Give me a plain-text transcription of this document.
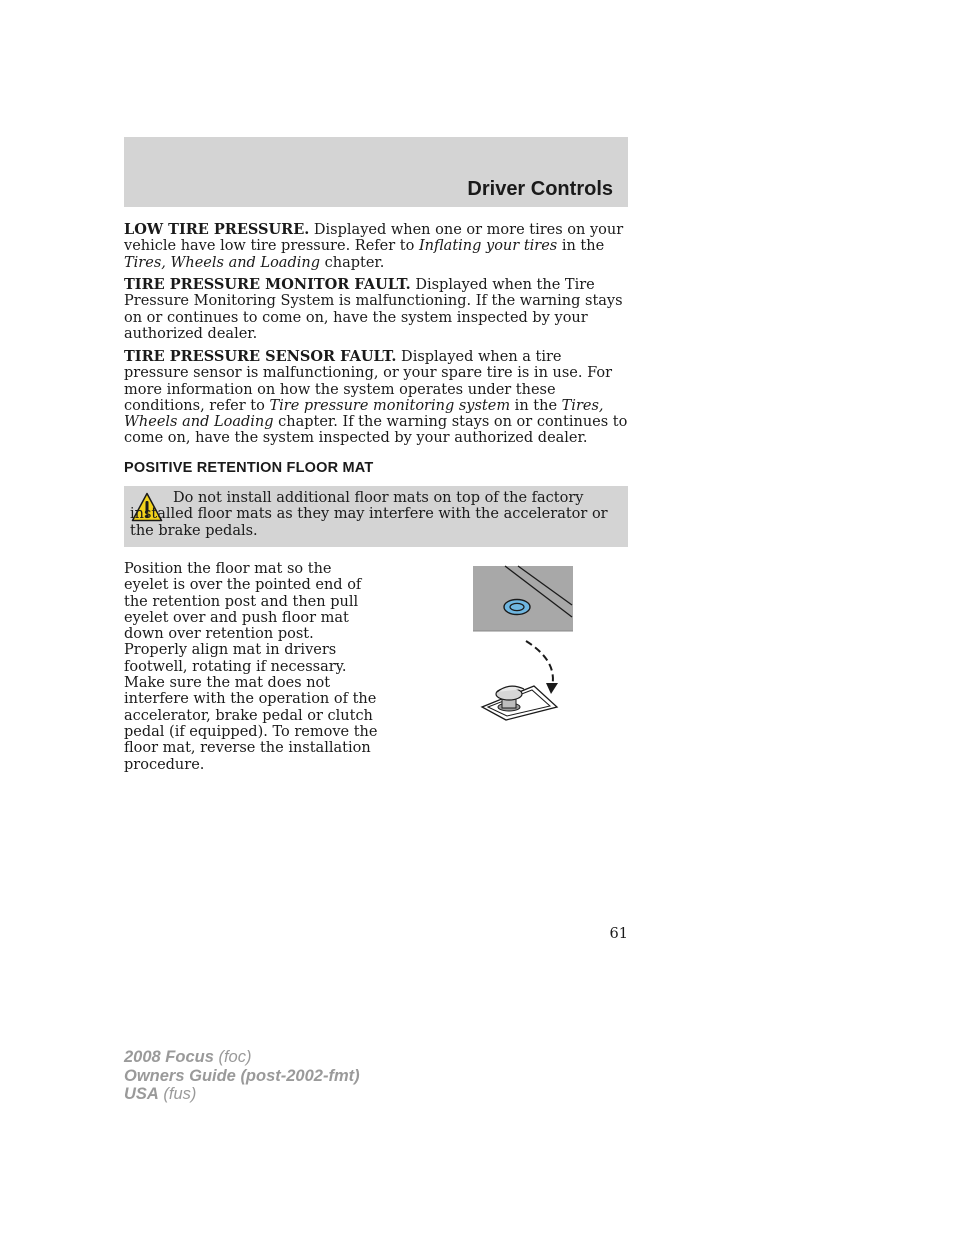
Driver Controls

LOW TIRE PRESSURE. Displayed when one or more tires on your vehicle have low tire pressure. Refer to Inflating your tires in the Tires, Wheels and Loading chapter.

TIRE PRESSURE MONITOR FAULT. Displayed when the Tire Pressure Monitoring System is malfunctioning. If the warning stays on or continues to come on, have the system inspected by your authorized dealer.

TIRE PRESSURE SENSOR FAULT. Displayed when a tire pressure sensor is malfunctioning, or your spare tire is in use. For more information on how the system operates under these conditions, refer to Tire pressure monitoring system in the Tires, Wheels and Loading chapter. If the warning stays on or continues to come on, have the system inspected by your authorized dealer.

POSITIVE RETENTION FLOOR MAT
Do not install additional floor mats on top of the factory installed floor mats as they may interfere with the accelerator or the brake pedals.
Position the floor mat so the eyelet is over the pointed end of the retention post and then pull eyelet over and push floor mat down over retention post. Properly align mat in drivers footwell, rotating if necessary. Make sure the mat does not interfere with the operation of the accelerator, brake pedal or clutch pedal (if equipped). To remove the floor mat, reverse the installation procedure.
61
2008 Focus (foc)
Owners Guide (post-2002-fmt)
USA (fus)
